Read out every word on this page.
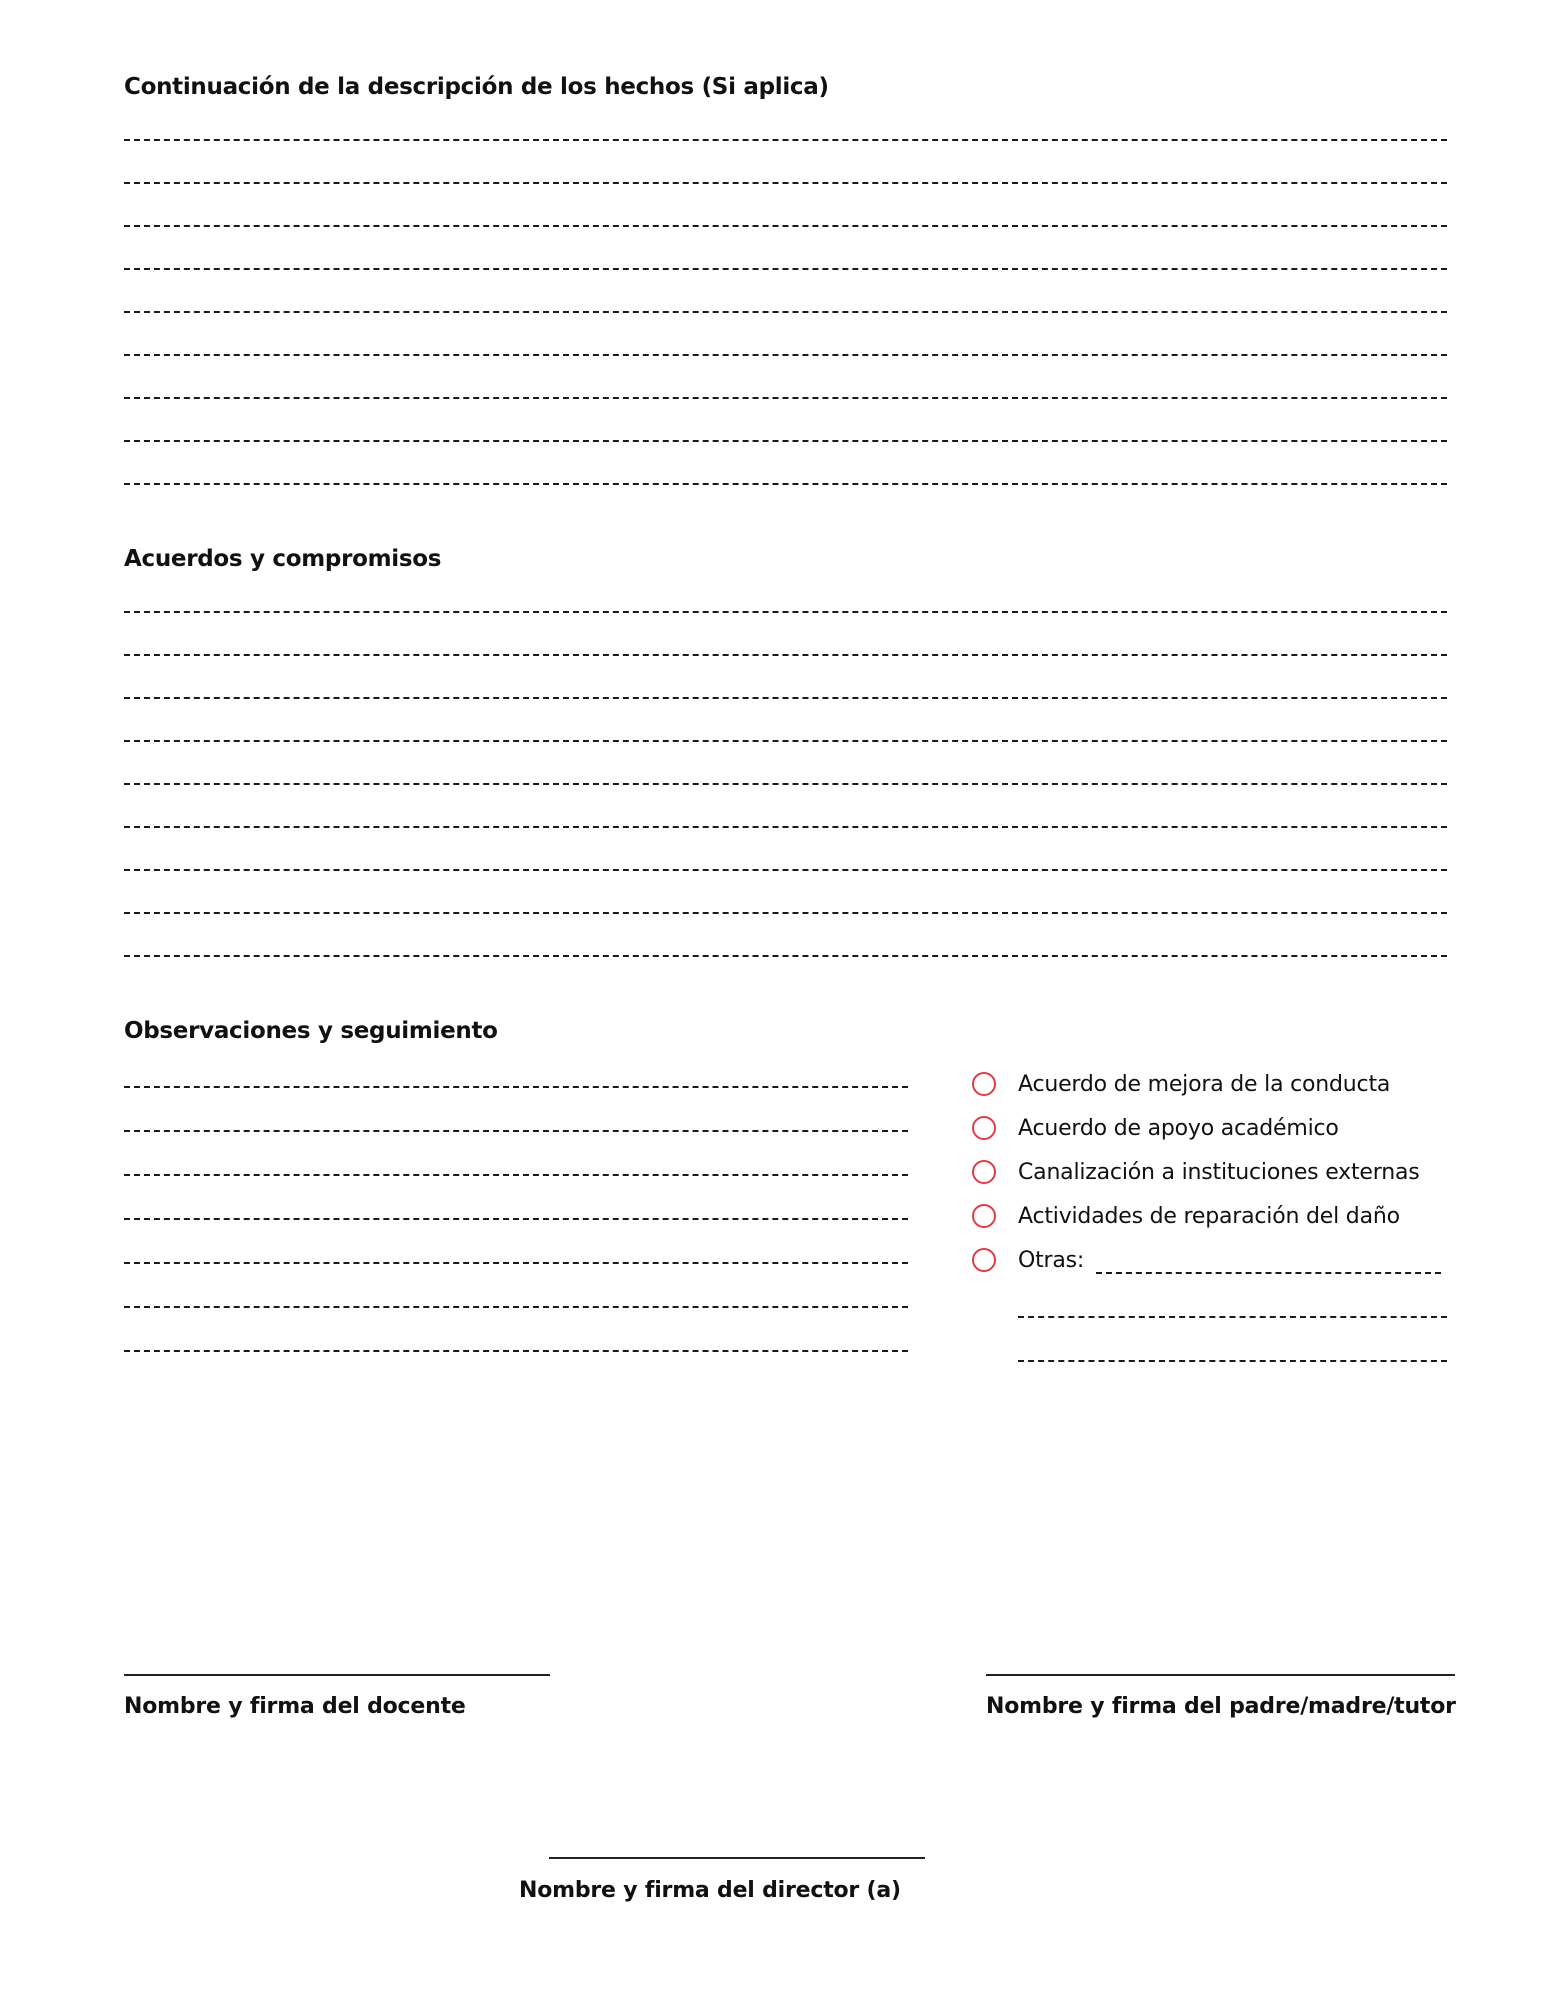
Continuación de la descripción de los hechos (Si aplica)
Acuerdos y compromisos
Observaciones y seguimiento
Acuerdo de mejora de la conducta
Acuerdo de apoyo académico
Canalización a instituciones externas
Actividades de reparación del daño
Otras:
Nombre y firma del docente	Nombre y firma del padre/madre/tutor
Nombre y firma del director (a)
